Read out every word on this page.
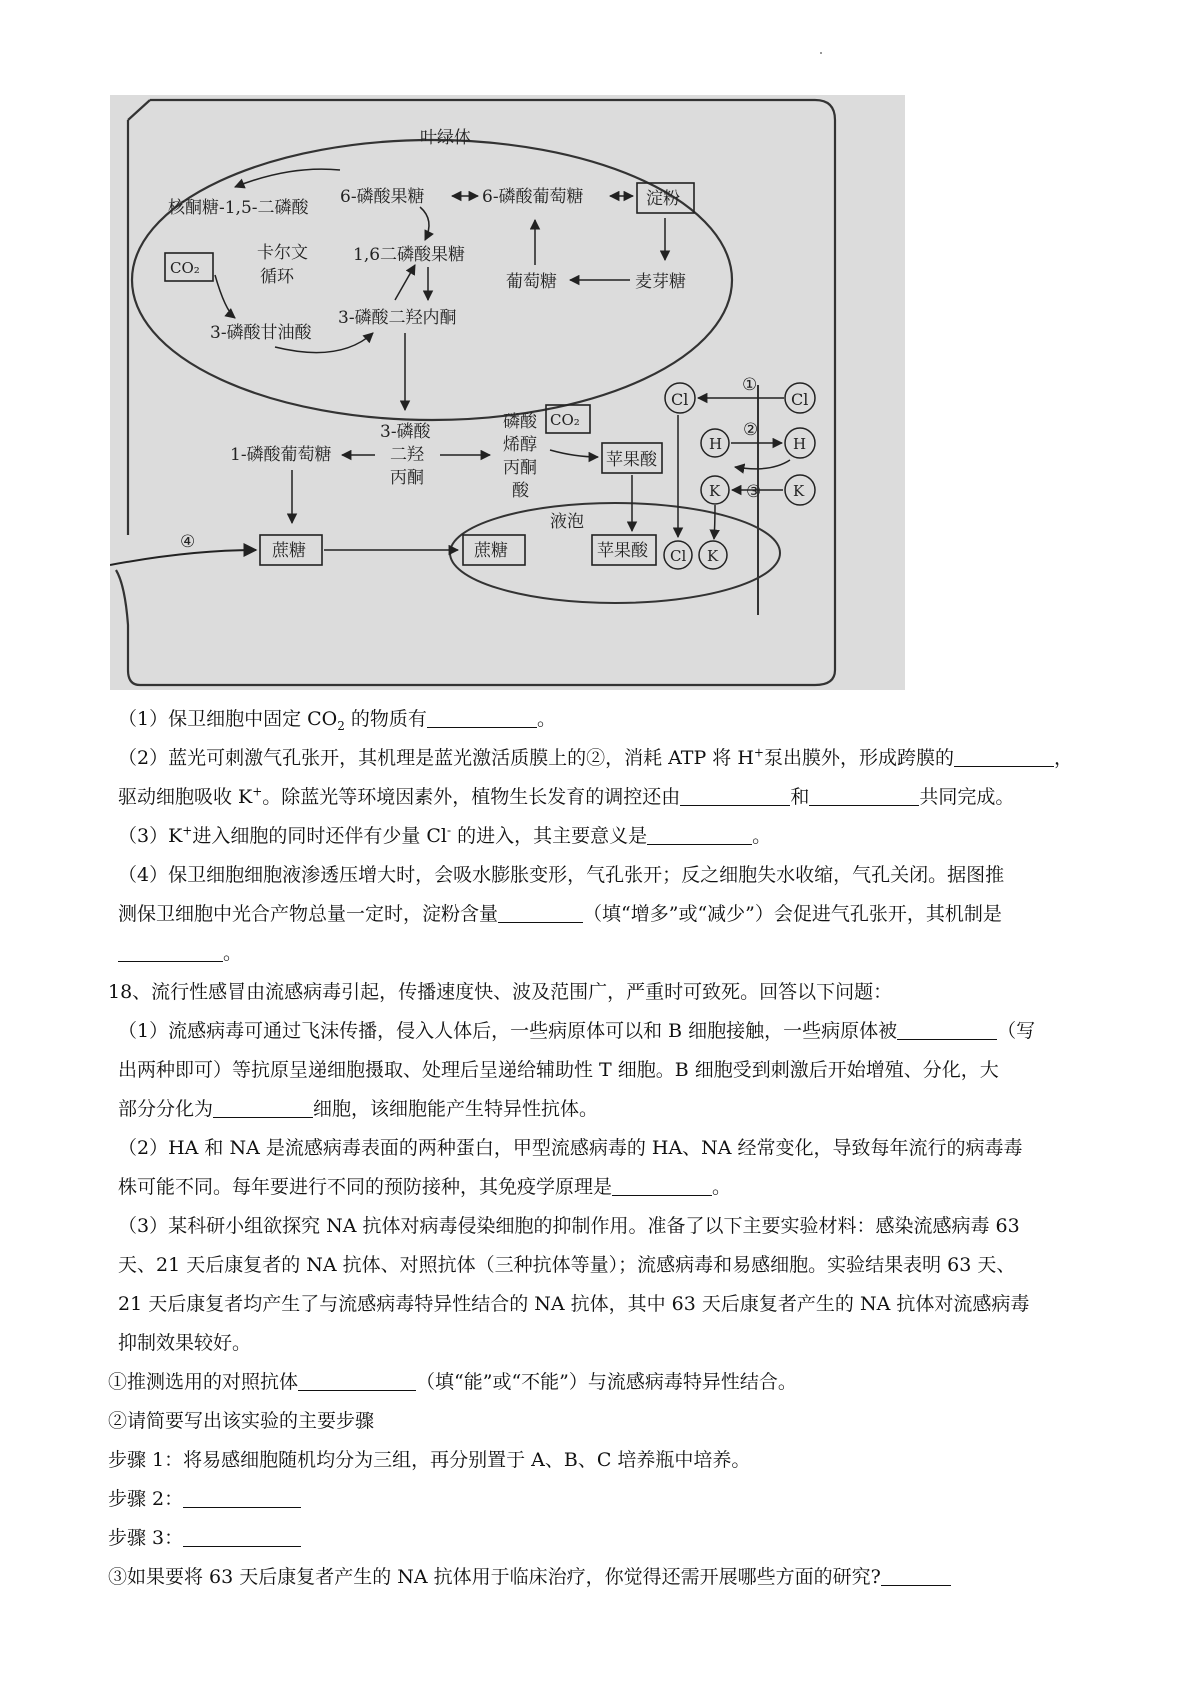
叶绿体
核酮糖-1,5-二磷酸
CO₂
卡尔文
循环
3-磷酸甘油酸
6-磷酸果糖
1,6二磷酸果糖
6-磷酸葡萄糖	淀粉
葡萄糖	麦芽糖
3-磷酸二羟内酮
1-磷酸葡萄糖
3-磷酸
二羟
丙酮
磷酸
烯醇
丙酮
酸
CO₂
苹果酸
蔗糖
液泡
蔗糖	苹果酸
④
Cl	Cl
①
H	H
②
K	K
③
Cl K

（1）保卫细胞中固定 $CO_2$ 的物质有	。

（2）蓝光可刺激气孔张开，其机理是蓝光激活质膜上的②，消耗 ATP 将 H+泵出膜外，形成跨膜的	，
驱动细胞吸收 K+。除蓝光等环境因素外，植物生长发育的调控还由	和	共同完成。

（3）K+进入细胞的同时还伴有少量 Cl- 的进入，其主要意义是	。

（4）保卫细胞细胞液渗透压增大时，会吸水膨胀变形，气孔张开；反之细胞失水收缩，气孔关闭。据图推
测保卫细胞中光合产物总量一定时，淀粉含量	（填“增多”或“减少”）会促进气孔张开，其机制是
。

18、流行性感冒由流感病毒引起，传播速度快、波及范围广，严重时可致死。回答以下问题：

（1）流感病毒可通过飞沫传播，侵入人体后，一些病原体可以和 B 细胞接触，一些病原体被	（写
出两种即可）等抗原呈递细胞摄取、处理后呈递给辅助性 T 细胞。B 细胞受到刺激后开始增殖、分化，大
部分分化为	细胞，该细胞能产生特异性抗体。

（2）HA 和 NA 是流感病毒表面的两种蛋白，甲型流感病毒的 HA、NA 经常变化，导致每年流行的病毒毒
株可能不同。每年要进行不同的预防接种，其免疫学原理是	。

（3）某科研小组欲探究 NA 抗体对病毒侵染细胞的抑制作用。准备了以下主要实验材料：感染流感病毒 63
天、21 天后康复者的 NA 抗体、对照抗体（三种抗体等量）；流感病毒和易感细胞。实验结果表明 63 天、
21 天后康复者均产生了与流感病毒特异性结合的 NA 抗体，其中 63 天后康复者产生的 NA 抗体对流感病毒
抑制效果较好。

①推测选用的对照抗体	（填“能”或“不能”）与流感病毒特异性结合。

②请简要写出该实验的主要步骤

步骤 1：将易感细胞随机均分为三组，再分别置于 A、B、C 培养瓶中培养。

步骤 2：

步骤 3：

③如果要将 63 天后康复者产生的 NA 抗体用于临床治疗，你觉得还需开展哪些方面的研究?
